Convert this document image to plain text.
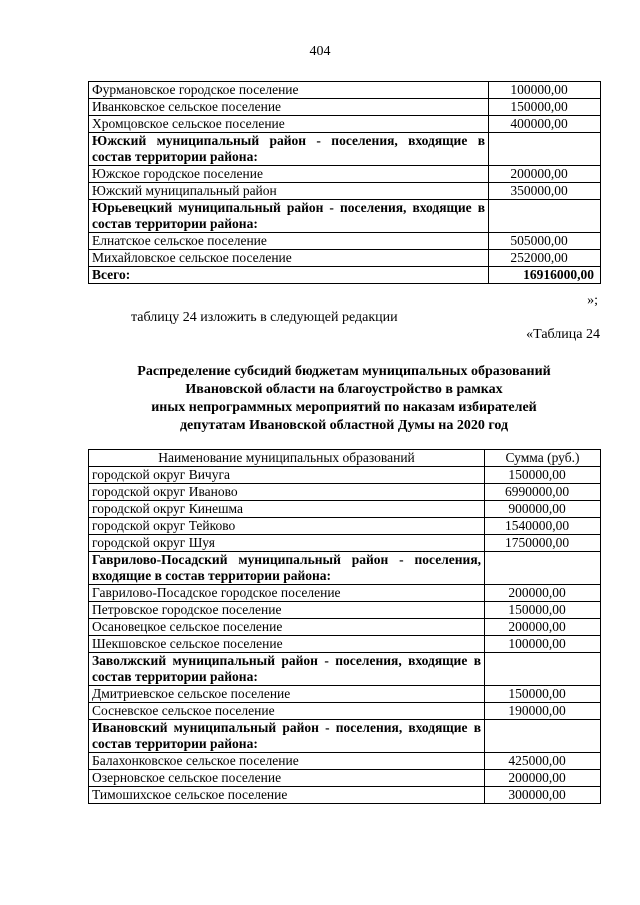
404
Фурмановское городское поселение	100000,00
Иванковское сельское поселение	150000,00
Хромцовское сельское поселение	400000,00
Южский муниципальный район - поселения, входящие в состав территории района:	
Южское городское поселение	200000,00
Южский муниципальный район	350000,00
Юрьевецкий муниципальный район - поселения, входящие в состав территории района:	
Елнатское сельское поселение	505000,00
Михайловское сельское поселение	252000,00
Всего:	16916000,00
»;
таблицу 24 изложить в следующей редакции
«Таблица 24
Распределение субсидий бюджетам муниципальных образований
Ивановской области на благоустройство в рамках
иных непрограммных мероприятий по наказам избирателей
депутатам Ивановской областной Думы на 2020 год
Наименование муниципальных образований	Сумма (руб.)
городской округ Вичуга	150000,00
городской округ Иваново	6990000,00
городской округ Кинешма	900000,00
городской округ Тейково	1540000,00
городской округ Шуя	1750000,00
Гаврилово-Посадский муниципальный район - поселения, входящие в состав территории района:	
Гаврилово-Посадское городское поселение	200000,00
Петровское городское поселение	150000,00
Осановецкое сельское поселение	200000,00
Шекшовское сельское поселение	100000,00
Заволжский муниципальный район - поселения, входящие в состав территории района:	
Дмитриевское сельское поселение	150000,00
Сосневское сельское поселение	190000,00
Ивановский муниципальный район - поселения, входящие в состав территории района:	
Балахонковское сельское поселение	425000,00
Озерновское сельское поселение	200000,00
Тимошихское сельское поселение	300000,00
